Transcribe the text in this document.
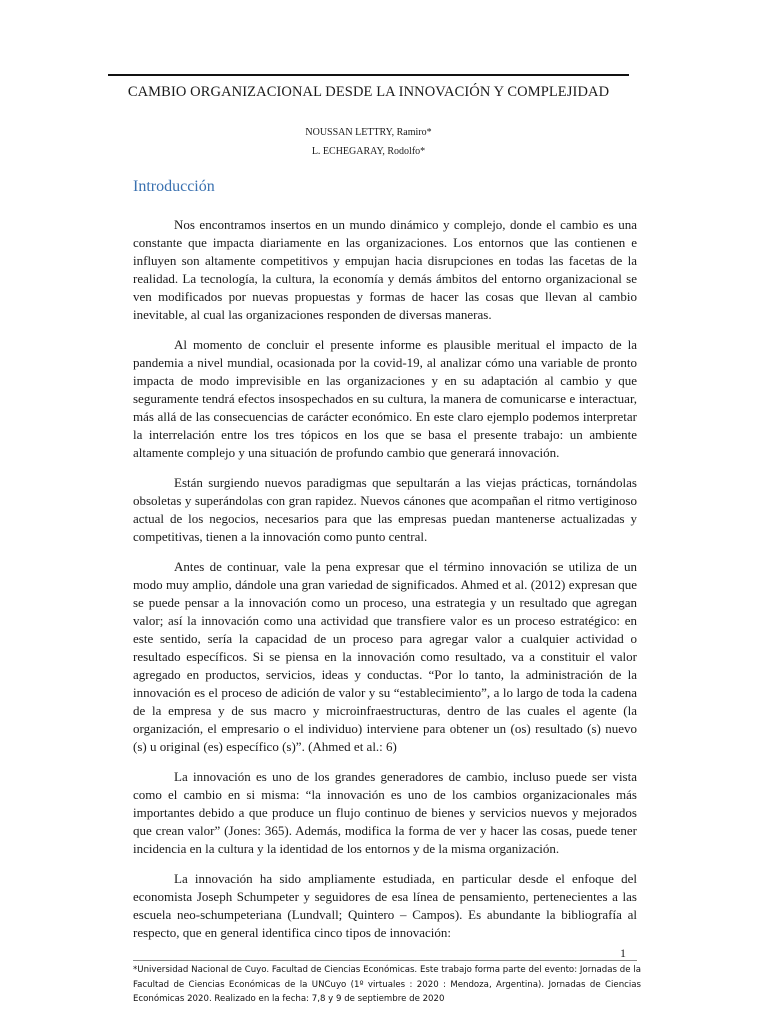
CAMBIO ORGANIZACIONAL DESDE LA INNOVACIÓN Y COMPLEJIDAD
NOUSSAN LETTRY, Ramiro*
L. ECHEGARAY, Rodolfo*
Introducción

Nos encontramos insertos en un mundo dinámico y complejo, donde el cambio es una constante que impacta diariamente en las organizaciones. Los entornos que las contienen e influyen son altamente competitivos y empujan hacia disrupciones en todas las facetas de la realidad. La tecnología, la cultura, la economía y demás ámbitos del entorno organizacional se ven modificados por nuevas propuestas y formas de hacer las cosas que llevan al cambio inevitable, al cual las organizaciones responden de diversas maneras.

Al momento de concluir el presente informe es plausible meritual el impacto de la pandemia a nivel mundial, ocasionada por la covid-19, al analizar cómo una variable de pronto impacta de modo imprevisible en las organizaciones y en su adaptación al cambio y que seguramente tendrá efectos insospechados en su cultura, la manera de comunicarse e interactuar, más allá de las consecuencias de carácter económico. En este claro ejemplo podemos interpretar la interrelación entre los tres tópicos en los que se basa el presente trabajo: un ambiente altamente complejo y una situación de profundo cambio que generará innovación.

Están surgiendo nuevos paradigmas que sepultarán a las viejas prácticas, tornándolas obsoletas y superándolas con gran rapidez. Nuevos cánones que acompañan el ritmo vertiginoso actual de los negocios, necesarios para que las empresas puedan mantenerse actualizadas y competitivas, tienen a la innovación como punto central.

Antes de continuar, vale la pena expresar que el término innovación se utiliza de un modo muy amplio, dándole una gran variedad de significados. Ahmed et al. (2012) expresan que se puede pensar a la innovación como un proceso, una estrategia y un resultado que agregan valor; así la innovación como una actividad que transfiere valor es un proceso estratégico: en este sentido, sería la capacidad de un proceso para agregar valor a cualquier actividad o resultado específicos. Si se piensa en la innovación como resultado, va a constituir el valor agregado en productos, servicios, ideas y conductas. “Por lo tanto, la administración de la innovación es el proceso de adición de valor y su “establecimiento”, a lo largo de toda la cadena de la empresa y de sus macro y microinfraestructuras, dentro de las cuales el agente (la organización, el empresario o el individuo) interviene para obtener un (os) resultado (s) nuevo (s) u original (es) específico (s)”. (Ahmed et al.: 6)

La innovación es uno de los grandes generadores de cambio, incluso puede ser vista como el cambio en si misma: “la innovación es uno de los cambios organizacionales más importantes debido a que produce un flujo continuo de bienes y servicios nuevos y mejorados que crean valor” (Jones: 365). Además, modifica la forma de ver y hacer las cosas, puede tener incidencia en la cultura y la identidad de los entornos y de la misma organización.

La innovación ha sido ampliamente estudiada, en particular desde el enfoque del economista Joseph Schumpeter y seguidores de esa línea de pensamiento, pertenecientes a las escuela neo-schumpeteriana (Lundvall; Quintero – Campos). Es abundante la bibliografía al respecto, que en general identifica cinco tipos de innovación:

1
*Universidad Nacional de Cuyo. Facultad de Ciencias Económicas. Este trabajo forma parte del evento: Jornadas de la Facultad de Ciencias Económicas de la UNCuyo (1º virtuales : 2020 : Mendoza, Argentina). Jornadas de Ciencias Económicas 2020. Realizado en la fecha: 7,8 y 9 de septiembre de 2020
